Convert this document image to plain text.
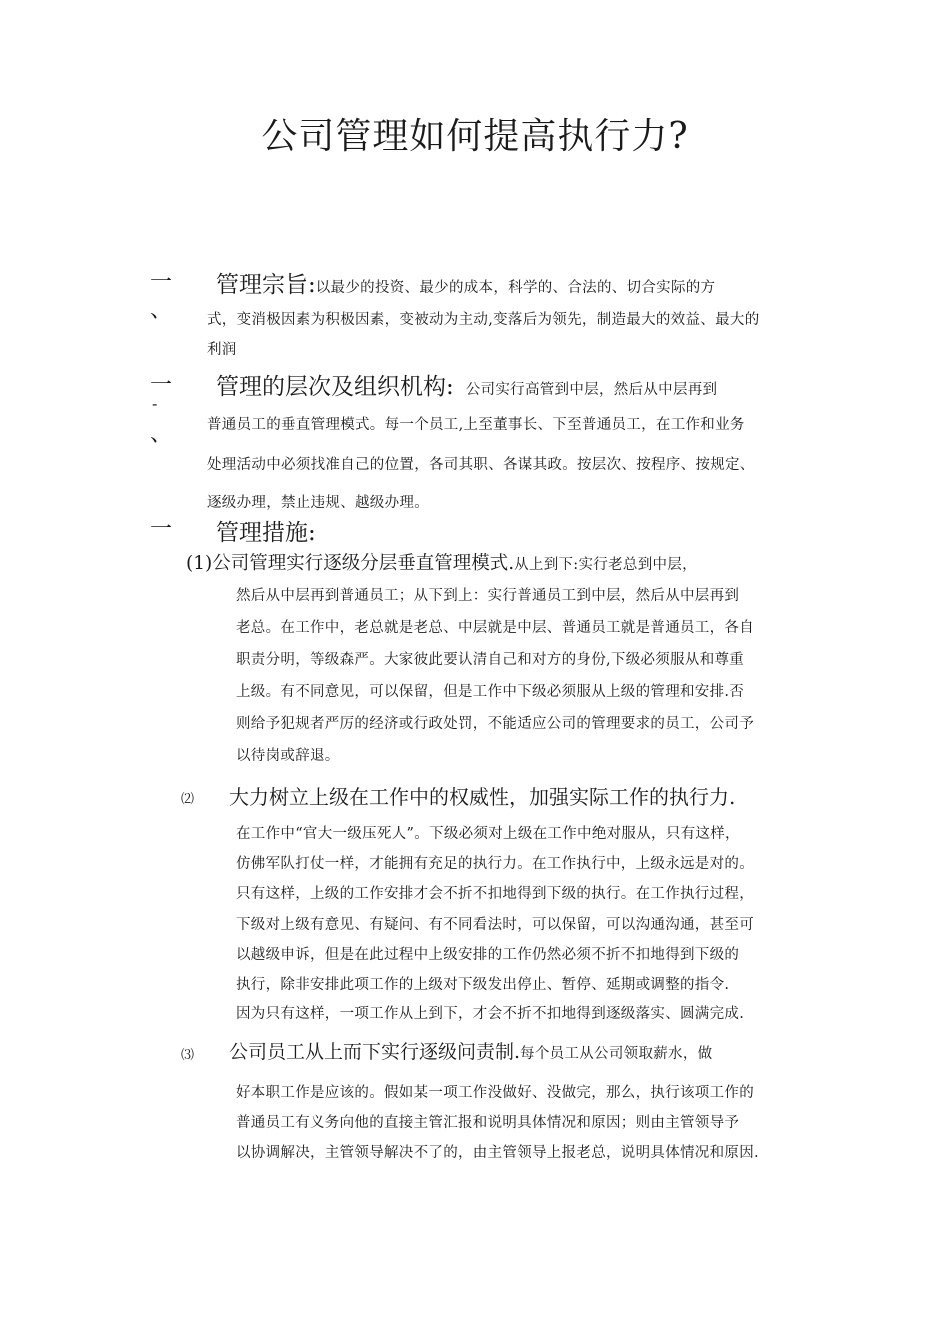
公司管理如何提高执行力?
一
、
管理宗旨:以最少的投资、最少的成本，科学的、合法的、切合实际的方
式，变消极因素为积极因素，变被动为主动,变落后为领先，制造最大的效益、最大的
利润
一
-
、
管理的层次及组织机构: 公司实行高管到中层，然后从中层再到
普通员工的垂直管理模式。每一个员工,上至董事长、下至普通员工，在工作和业务
处理活动中必须找准自己的位置，各司其职、各谋其政。按层次、按程序、按规定、
逐级办理，禁止违规、越级办理。
一 管理措施:
(1)公司管理实行逐级分层垂直管理模式.从上到下:实行老总到中层，
然后从中层再到普通员工；从下到上：实行普通员工到中层，然后从中层再到
老总。在工作中，老总就是老总、中层就是中层、普通员工就是普通员工，各自
职责分明，等级森严。大家彼此要认清自己和对方的身份,下级必须服从和尊重
上级。有不同意见，可以保留，但是工作中下级必须服从上级的管理和安排.否
则给予犯规者严厉的经济或行政处罚，不能适应公司的管理要求的员工，公司予
以待岗或辞退。
⑵ 大力树立上级在工作中的权威性，加强实际工作的执行力.
在工作中“官大一级压死人”。下级必须对上级在工作中绝对服从，只有这样，
仿佛军队打仗一样，才能拥有充足的执行力。在工作执行中，上级永远是对的。
只有这样，上级的工作安排才会不折不扣地得到下级的执行。在工作执行过程，
下级对上级有意见、有疑问、有不同看法时，可以保留，可以沟通沟通，甚至可
以越级申诉，但是在此过程中上级安排的工作仍然必须不折不扣地得到下级的
执行，除非安排此项工作的上级对下级发出停止、暂停、延期或调整的指令.
因为只有这样，一项工作从上到下，才会不折不扣地得到逐级落实、圆满完成.
⑶ 公司员工从上而下实行逐级问责制.每个员工从公司领取薪水，做
好本职工作是应该的。假如某一项工作没做好、没做完，那么，执行该项工作的
普通员工有义务向他的直接主管汇报和说明具体情况和原因；则由主管领导予
以协调解决，主管领导解决不了的，由主管领导上报老总，说明具体情况和原因.
